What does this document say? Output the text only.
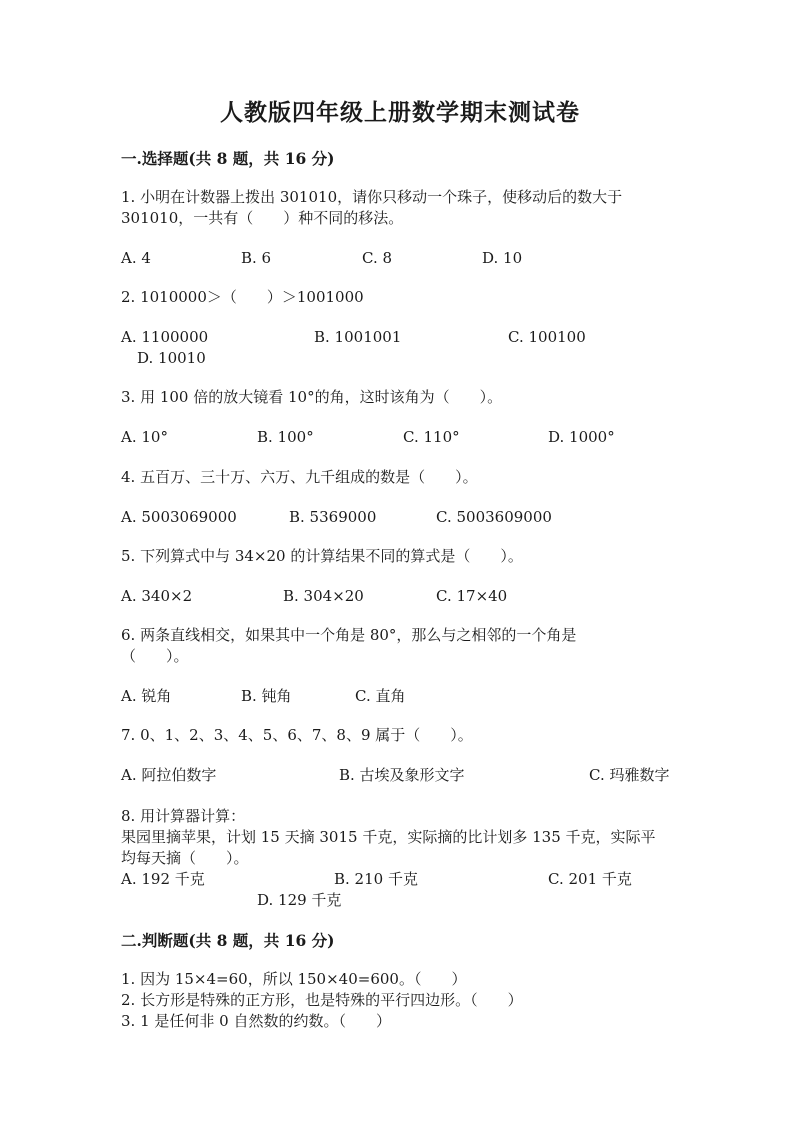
人教版四年级上册数学期末测试卷
一.选择题(共 8 题，共 16 分)
1. 小明在计数器上拨出 301010，请你只移动一个珠子，使移动后的数大于
301010，一共有（　　）种不同的移法。
A. 4	B. 6	C. 8	D. 10
2. 1010000＞（　　）＞1001000
A. 1100000	B. 1001001	C. 100100
D. 10010
3. 用 100 倍的放大镜看 10°的角，这时该角为（　　）。
A. 10°	B. 100°	C. 110°	D. 1000°
4. 五百万、三十万、六万、九千组成的数是（　　）。
A. 5003069000	B. 5369000	C. 5003609000
5. 下列算式中与 34×20 的计算结果不同的算式是（　　）。
A. 340×2	B. 304×20	C. 17×40
6. 两条直线相交，如果其中一个角是 80°，那么与之相邻的一个角是
（　　）。
A. 锐角	B. 钝角	C. 直角
7. 0、1、2、3、4、5、6、7、8、9 属于（　　）。
A. 阿拉伯数字	B. 古埃及象形文字	C. 玛雅数字
8. 用计算器计算：
果园里摘苹果，计划 15 天摘 3015 千克，实际摘的比计划多 135 千克，实际平
均每天摘（　　）。
A. 192 千克	B. 210 千克	C. 201 千克
D. 129 千克
二.判断题(共 8 题，共 16 分)
1. 因为 15×4=60，所以 150×40=600。（　　）
2. 长方形是特殊的正方形，也是特殊的平行四边形。（　　）
3. 1 是任何非 0 自然数的约数。（　　）
